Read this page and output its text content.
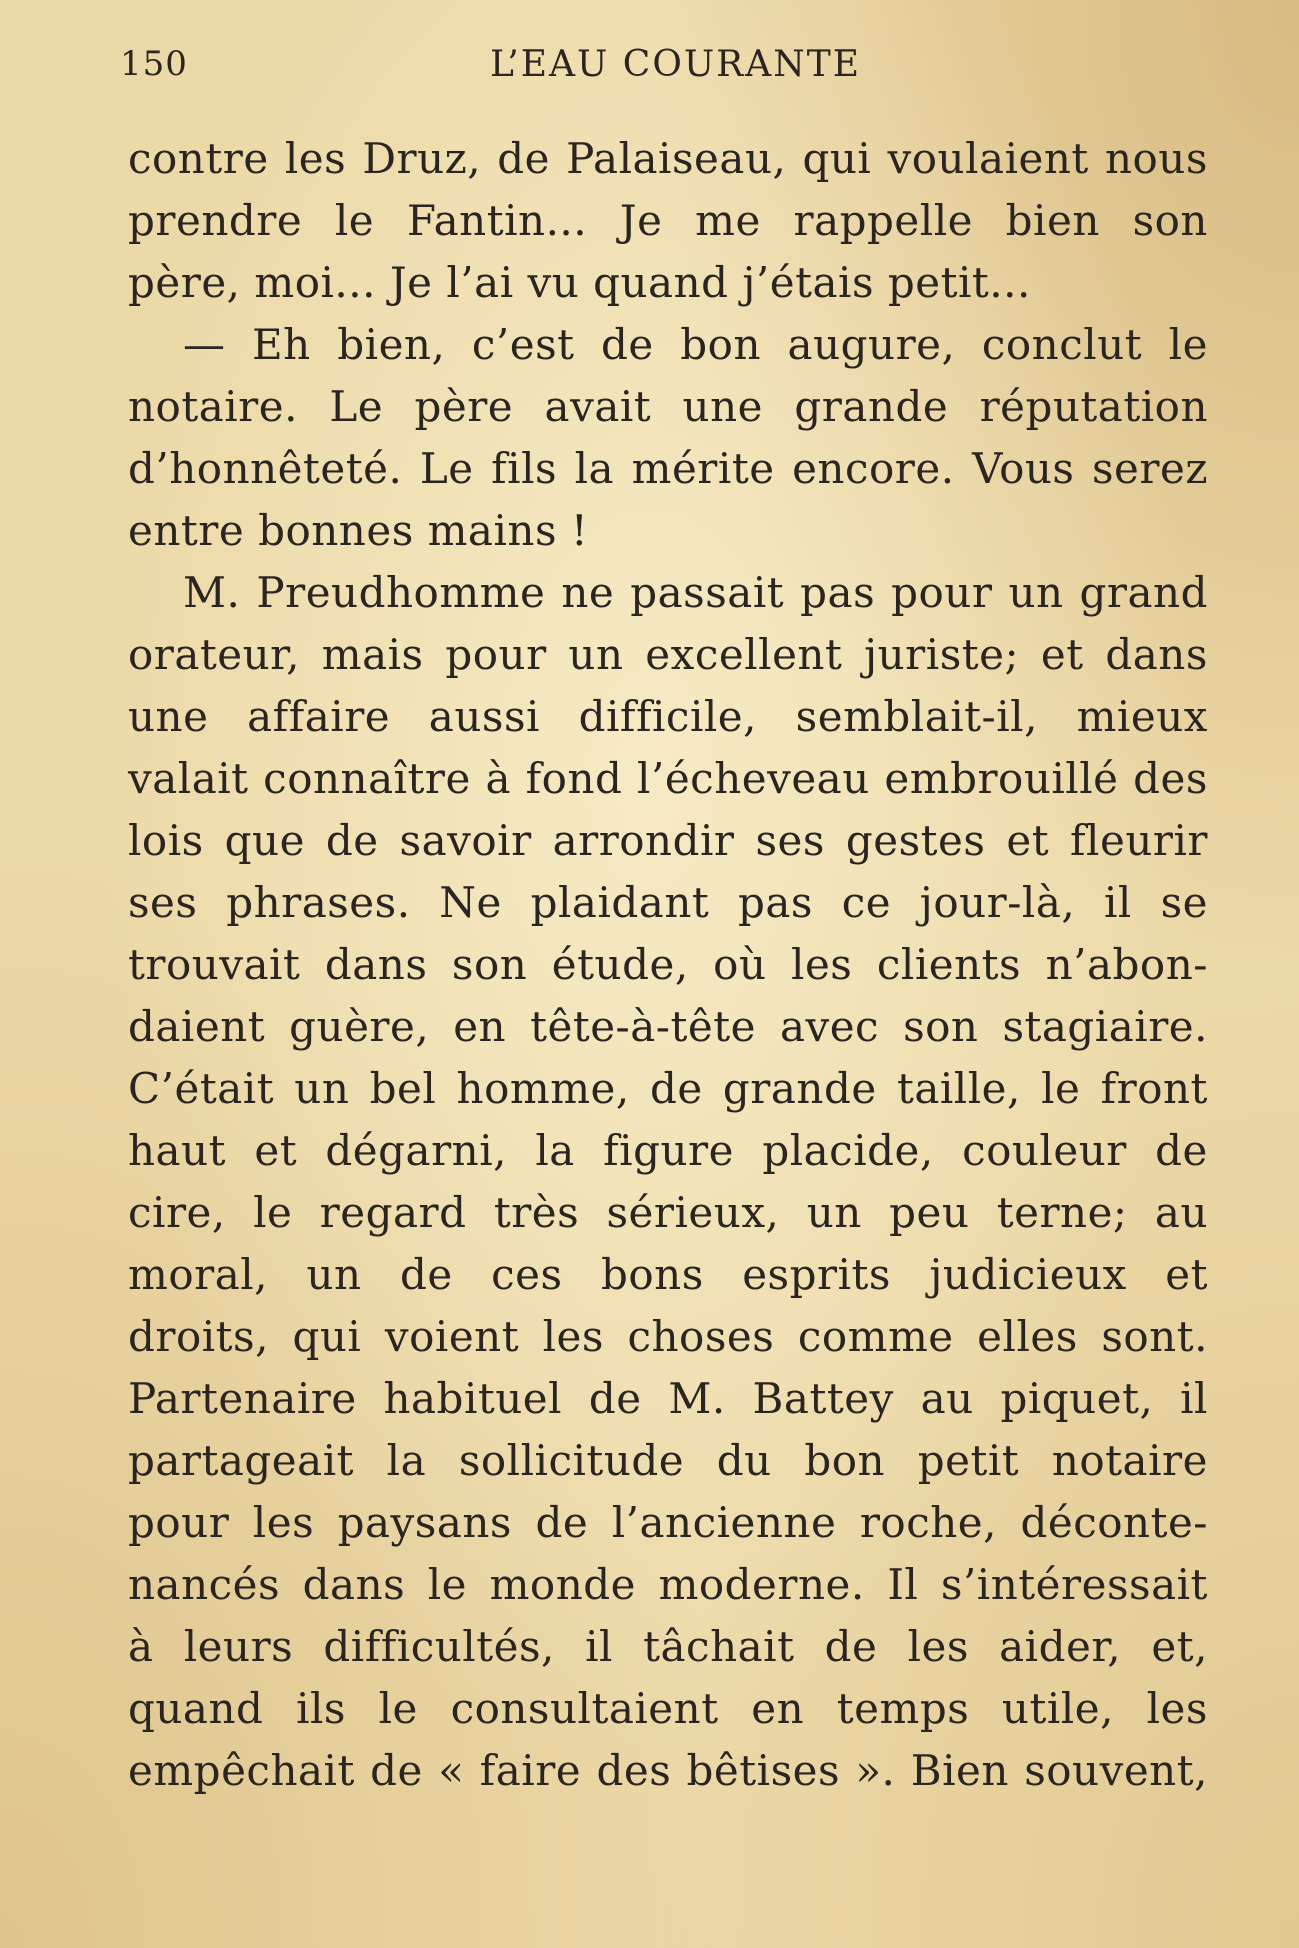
150	L’EAU COURANTE
contre les Druz, de Palaiseau, qui voulaient nous
prendre le Fantin... Je me rappelle bien son
père, moi... Je l’ai vu quand j’étais petit...
— Eh bien, c’est de bon augure, conclut le
notaire. Le père avait une grande réputation
d’honnêteté. Le fils la mérite encore. Vous serez
entre bonnes mains !
M. Preudhomme ne passait pas pour un grand
orateur, mais pour un excellent juriste; et dans
une affaire aussi difficile, semblait-il, mieux
valait connaître à fond l’écheveau embrouillé des
lois que de savoir arrondir ses gestes et fleurir
ses phrases. Ne plaidant pas ce jour-là, il se
trouvait dans son étude, où les clients n’abon-
daient guère, en tête-à-tête avec son stagiaire.
C’était un bel homme, de grande taille, le front
haut et dégarni, la figure placide, couleur de
cire, le regard très sérieux, un peu terne; au
moral, un de ces bons esprits judicieux et
droits, qui voient les choses comme elles sont.
Partenaire habituel de M. Battey au piquet, il
partageait la sollicitude du bon petit notaire
pour les paysans de l’ancienne roche, déconte-
nancés dans le monde moderne. Il s’intéressait
à leurs difficultés, il tâchait de les aider, et,
quand ils le consultaient en temps utile, les
empêchait de « faire des bêtises ». Bien souvent,
